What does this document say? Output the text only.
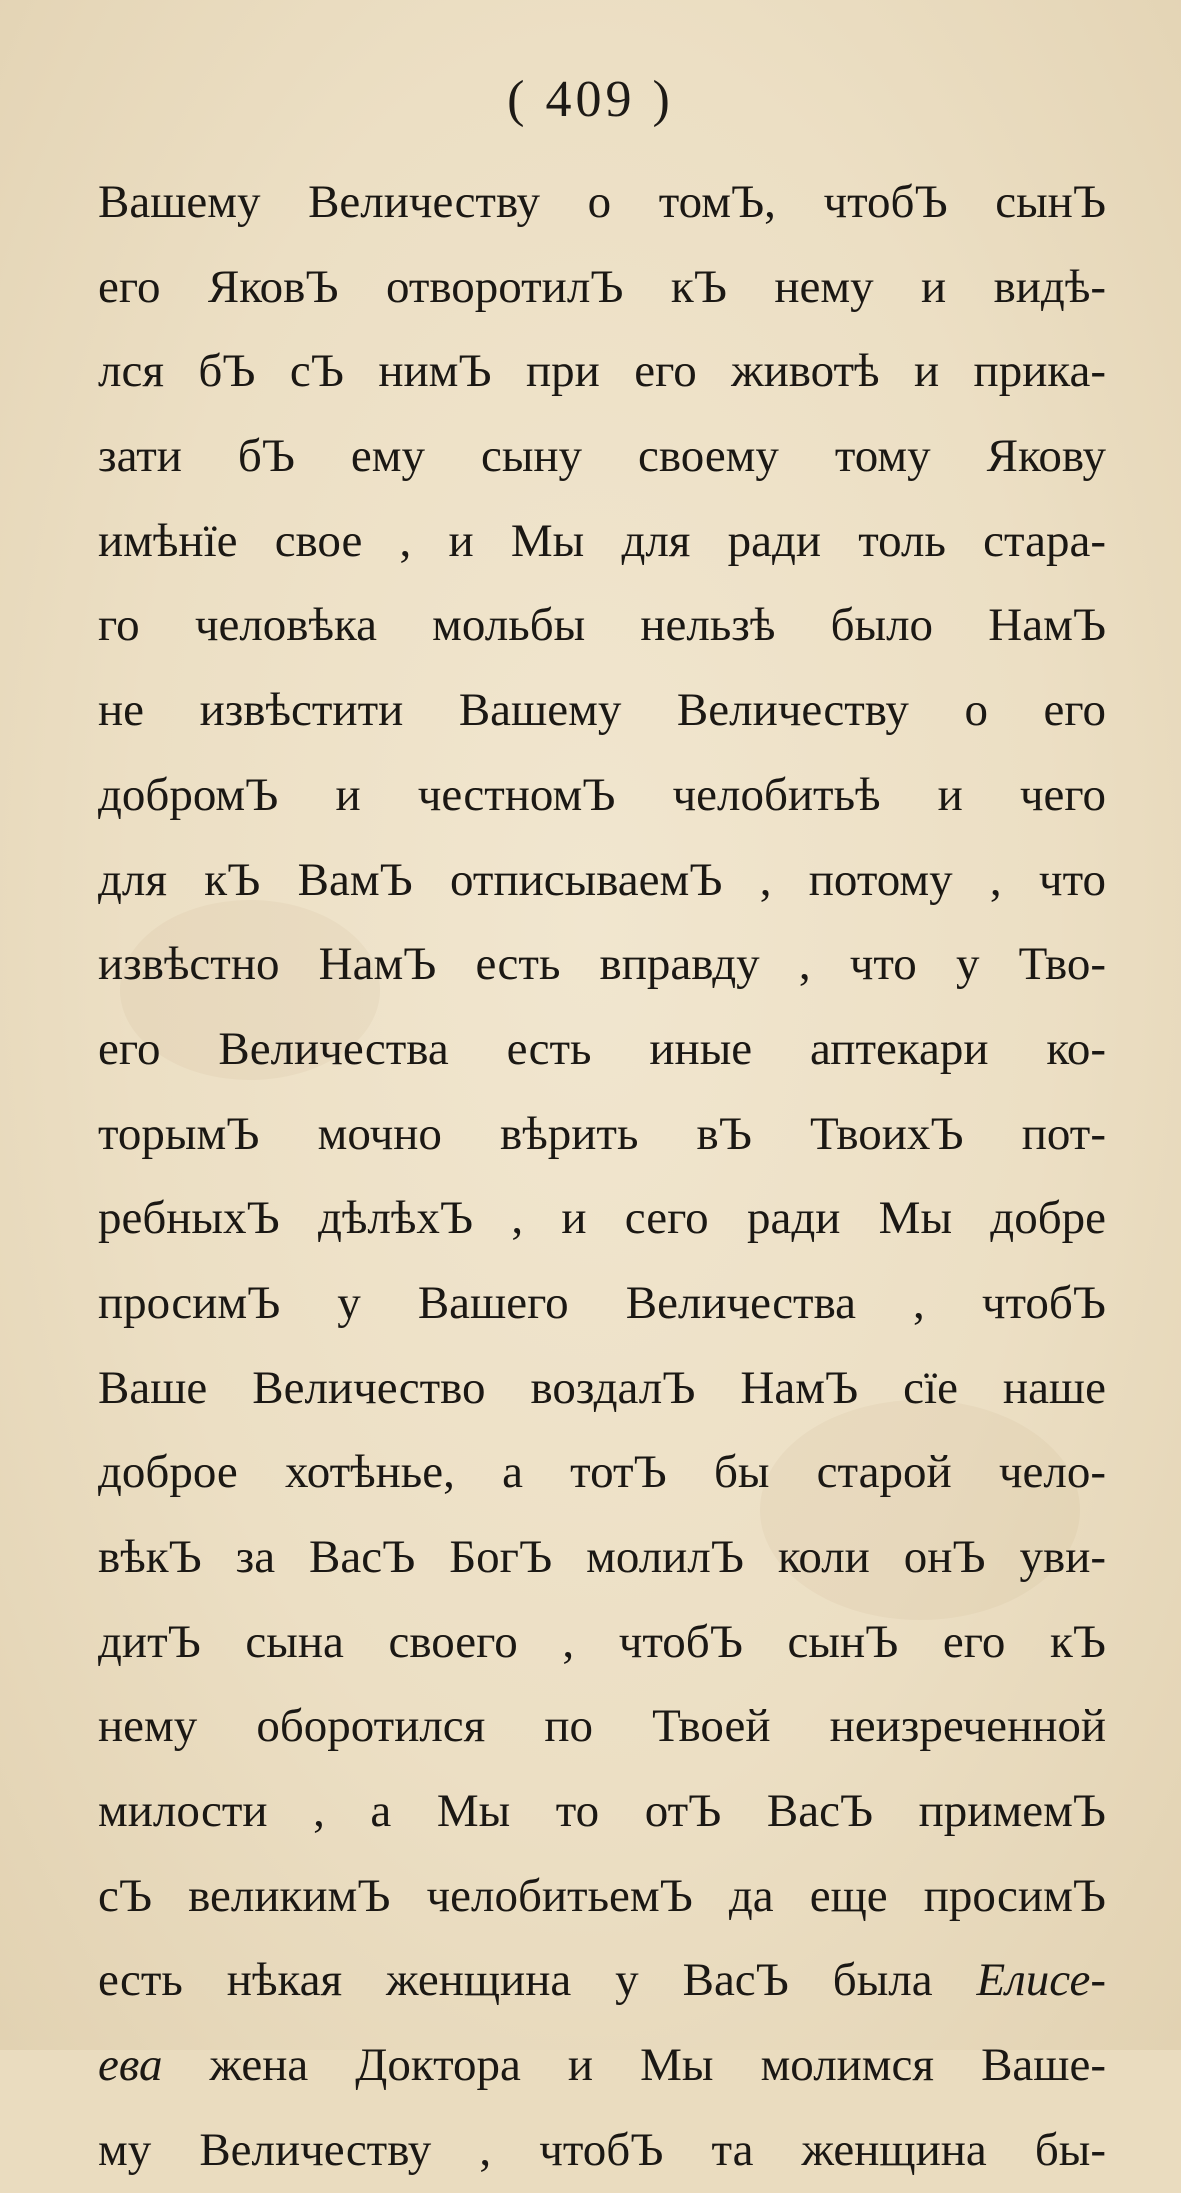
( 409 )
Вашему Величеству о томЪ, чтобЪ сынЪ
его ЯковЪ отворотилЪ кЪ нему и видѣ-
лся бЪ сЪ нимЪ при его животѣ и прика-
зати бЪ ему сыну своему тому Якову
имѣнїе свое , и Мы для ради толь стара-
го человѣка мольбы нельзѣ было НамЪ
не извѣстити Вашему Величеству о его
добромЪ и честномЪ челобитьѣ и чего
для кЪ ВамЪ отписываемЪ , потому , что
извѣстно НамЪ есть вправду , что у Тво-
его Величества есть иные аптекари ко-
торымЪ мочно вѣрить вЪ ТвоихЪ пот-
ребныхЪ дѣлѣхЪ , и сего ради Мы добре
просимЪ у Вашего Величества , чтобЪ
Ваше Величество воздалЪ НамЪ сїе наше
доброе хотѣнье, а тотЪ бы старой чело-
вѣкЪ за ВасЪ БогЪ молилЪ коли онЪ уви-
дитЪ сына своего , чтобЪ сынЪ его кЪ
нему оборотился по Твоей неизреченной
милости , а Мы то отЪ ВасЪ примемЪ
сЪ великимЪ челобитьемЪ да еще просимЪ
есть нѣкая женщина у ВасЪ была Елисе-
ева жена Доктора и Мы молимся Ваше-
му Величеству , чтобЪ та женщина бы-
